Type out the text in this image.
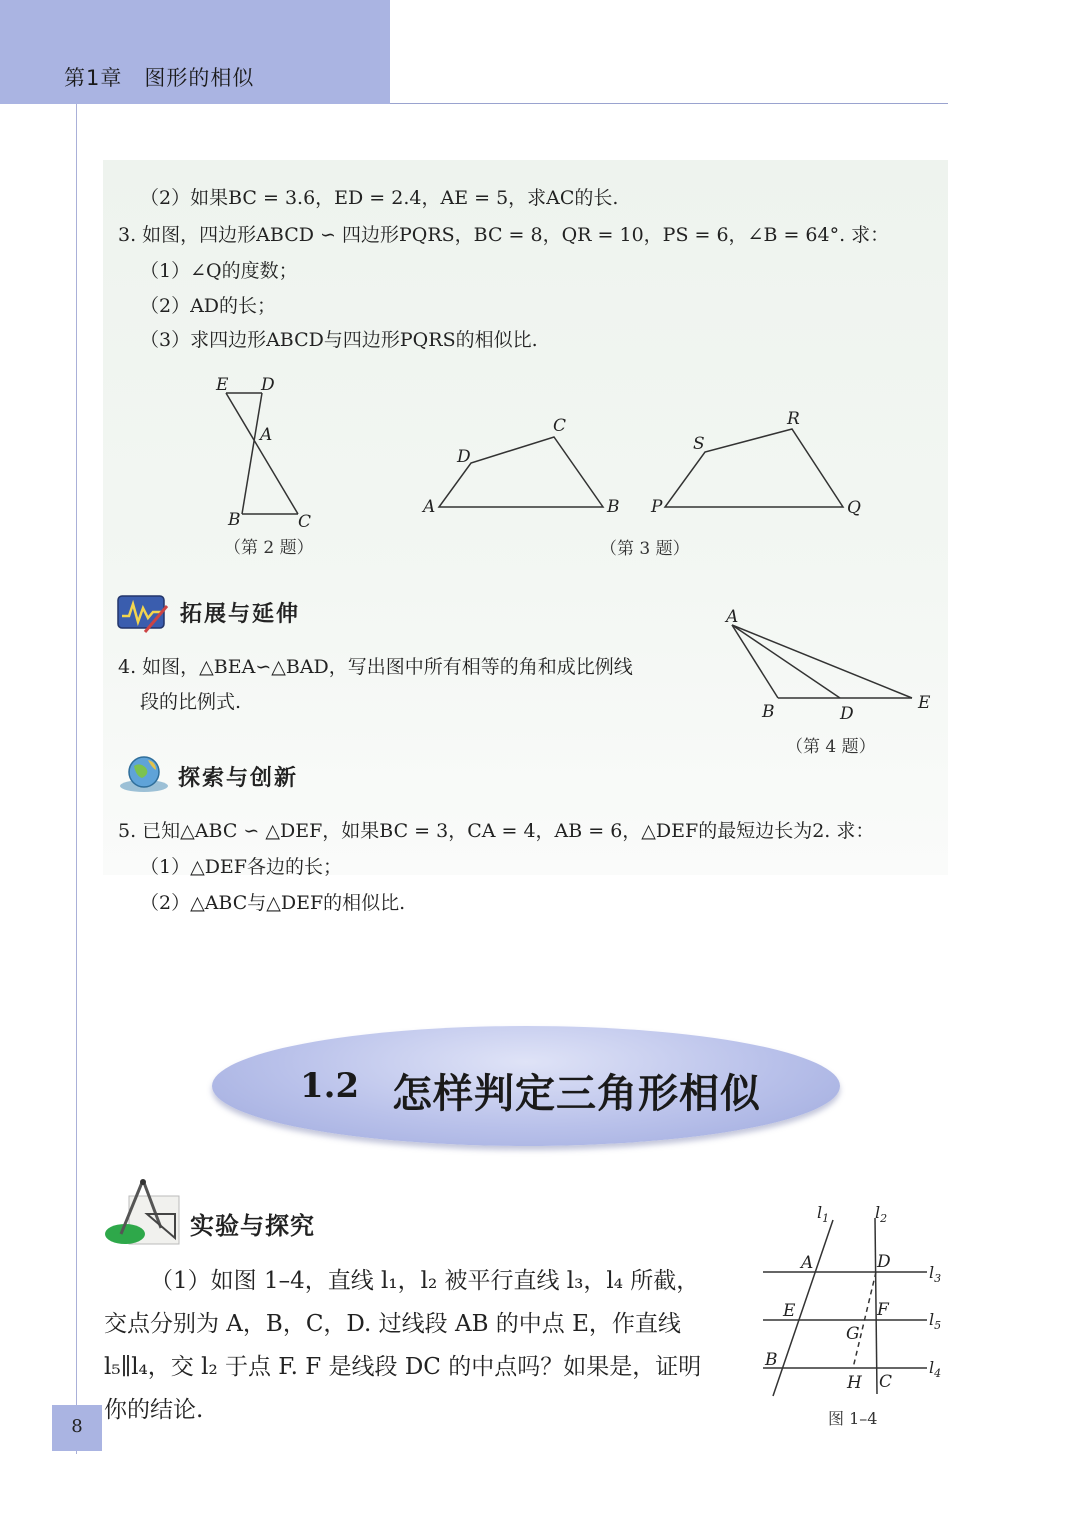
第1章　图形的相似
（2）如果BC = 3.6，ED = 2.4，AE = 5，求AC的长.
3. 如图，四边形ABCD ∽ 四边形PQRS，BC = 8，QR = 10，PS = 6，∠B = 64°. 求：
（1）∠Q的度数；
（2）AD的长；
（3）求四边形ABCD与四边形PQRS的相似比.
E D
A
B	C
（第 2 题）
A	B
C
D
P	Q
R
S
（第 3 题）
拓展与延伸
4. 如图，△BEA∽△BAD，写出图中所有相等的角和成比例线
段的比例式.
A
B	D
E
（第 4 题）
探索与创新
5. 已知△ABC ∽ △DEF，如果BC = 3，CA = 4，AB = 6，△DEF的最短边长为2. 求：
（1）△DEF各边的长；
（2）△ABC与△DEF的相似比.
1.2 怎样判定三角形相似
实验与探究
（1）如图 1–4，直线 l₁，l₂ 被平行直线 l₃，l₄ 所截，
交点分别为 A，B，C，D. 过线段 AB 的中点 E，作直线
l₅∥l₄，交 l₂ 于点 F. F 是线段 DC 的中点吗？如果是，证明
你的结论.
$l_1$	$l_2$
$l_3$
$l_5$
$l_4$
A
B
C
D
E	F
G
H
图 1–4
8
